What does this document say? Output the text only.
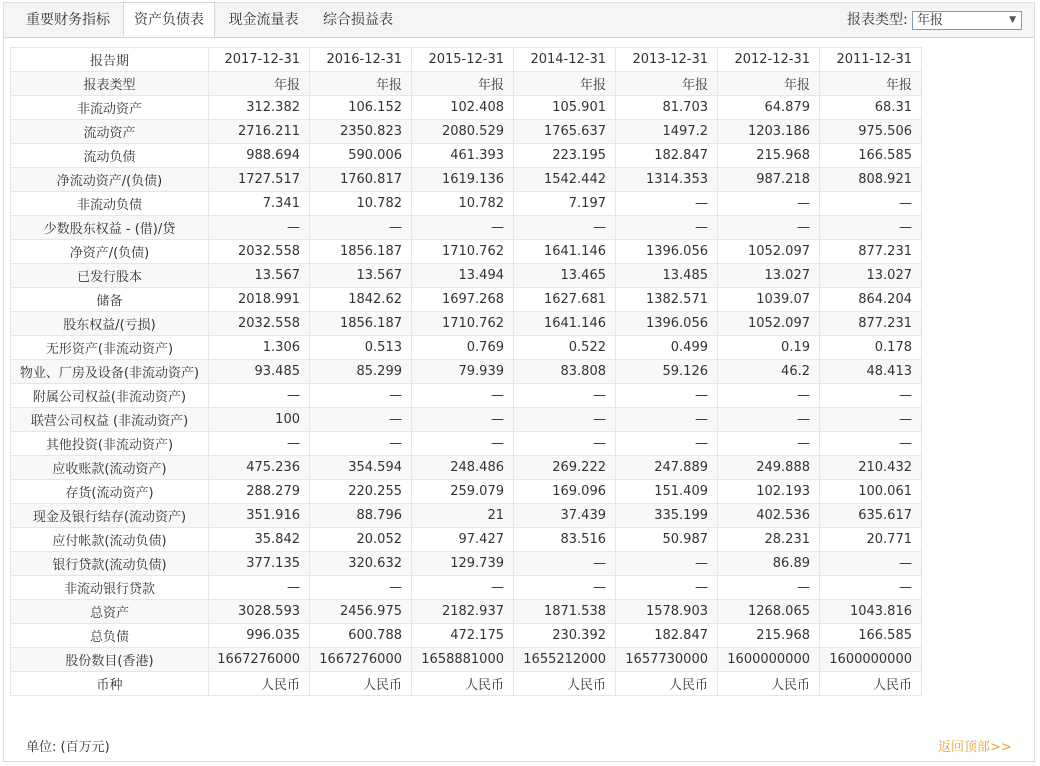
重要财务指标	资产负债表	现金流量表	综合损益表	报表类型: 年报	▼
报告期	2017-12-31	2016-12-31	2015-12-31	2014-12-31	2013-12-31	2012-12-31	2011-12-31
报表类型	年报	年报	年报	年报	年报	年报	年报
非流动资产	312.382	106.152	102.408	105.901	81.703	64.879	68.31
流动资产	2716.211	2350.823	2080.529	1765.637	1497.2	1203.186	975.506
流动负债	988.694	590.006	461.393	223.195	182.847	215.968	166.585
净流动资产/(负债)	1727.517	1760.817	1619.136	1542.442	1314.353	987.218	808.921
非流动负债	7.341	10.782	10.782	7.197	—	—	—
少数股东权益 - (借)/贷	—	—	—	—	—	—	—
净资产/(负债)	2032.558	1856.187	1710.762	1641.146	1396.056	1052.097	877.231
已发行股本	13.567	13.567	13.494	13.465	13.485	13.027	13.027
储备	2018.991	1842.62	1697.268	1627.681	1382.571	1039.07	864.204
股东权益/(亏损)	2032.558	1856.187	1710.762	1641.146	1396.056	1052.097	877.231
无形资产(非流动资产)	1.306	0.513	0.769	0.522	0.499	0.19	0.178
物业、厂房及设备(非流动资产)	93.485	85.299	79.939	83.808	59.126	46.2	48.413
附属公司权益(非流动资产)	—	—	—	—	—	—	—
联营公司权益 (非流动资产)	100	—	—	—	—	—	—
其他投资(非流动资产)	—	—	—	—	—	—	—
应收账款(流动资产)	475.236	354.594	248.486	269.222	247.889	249.888	210.432
存货(流动资产)	288.279	220.255	259.079	169.096	151.409	102.193	100.061
现金及银行结存(流动资产)	351.916	88.796	21	37.439	335.199	402.536	635.617
应付帐款(流动负债)	35.842	20.052	97.427	83.516	50.987	28.231	20.771
银行贷款(流动负债)	377.135	320.632	129.739	—	—	86.89	—
非流动银行贷款	—	—	—	—	—	—	—
总资产	3028.593	2456.975	2182.937	1871.538	1578.903	1268.065	1043.816
总负债	996.035	600.788	472.175	230.392	182.847	215.968	166.585
股份数目(香港)	1667276000	1667276000	1658881000	1655212000	1657730000	1600000000	1600000000
币种	人民币	人民币	人民币	人民币	人民币	人民币	人民币
单位: (百万元)	返回顶部>>
